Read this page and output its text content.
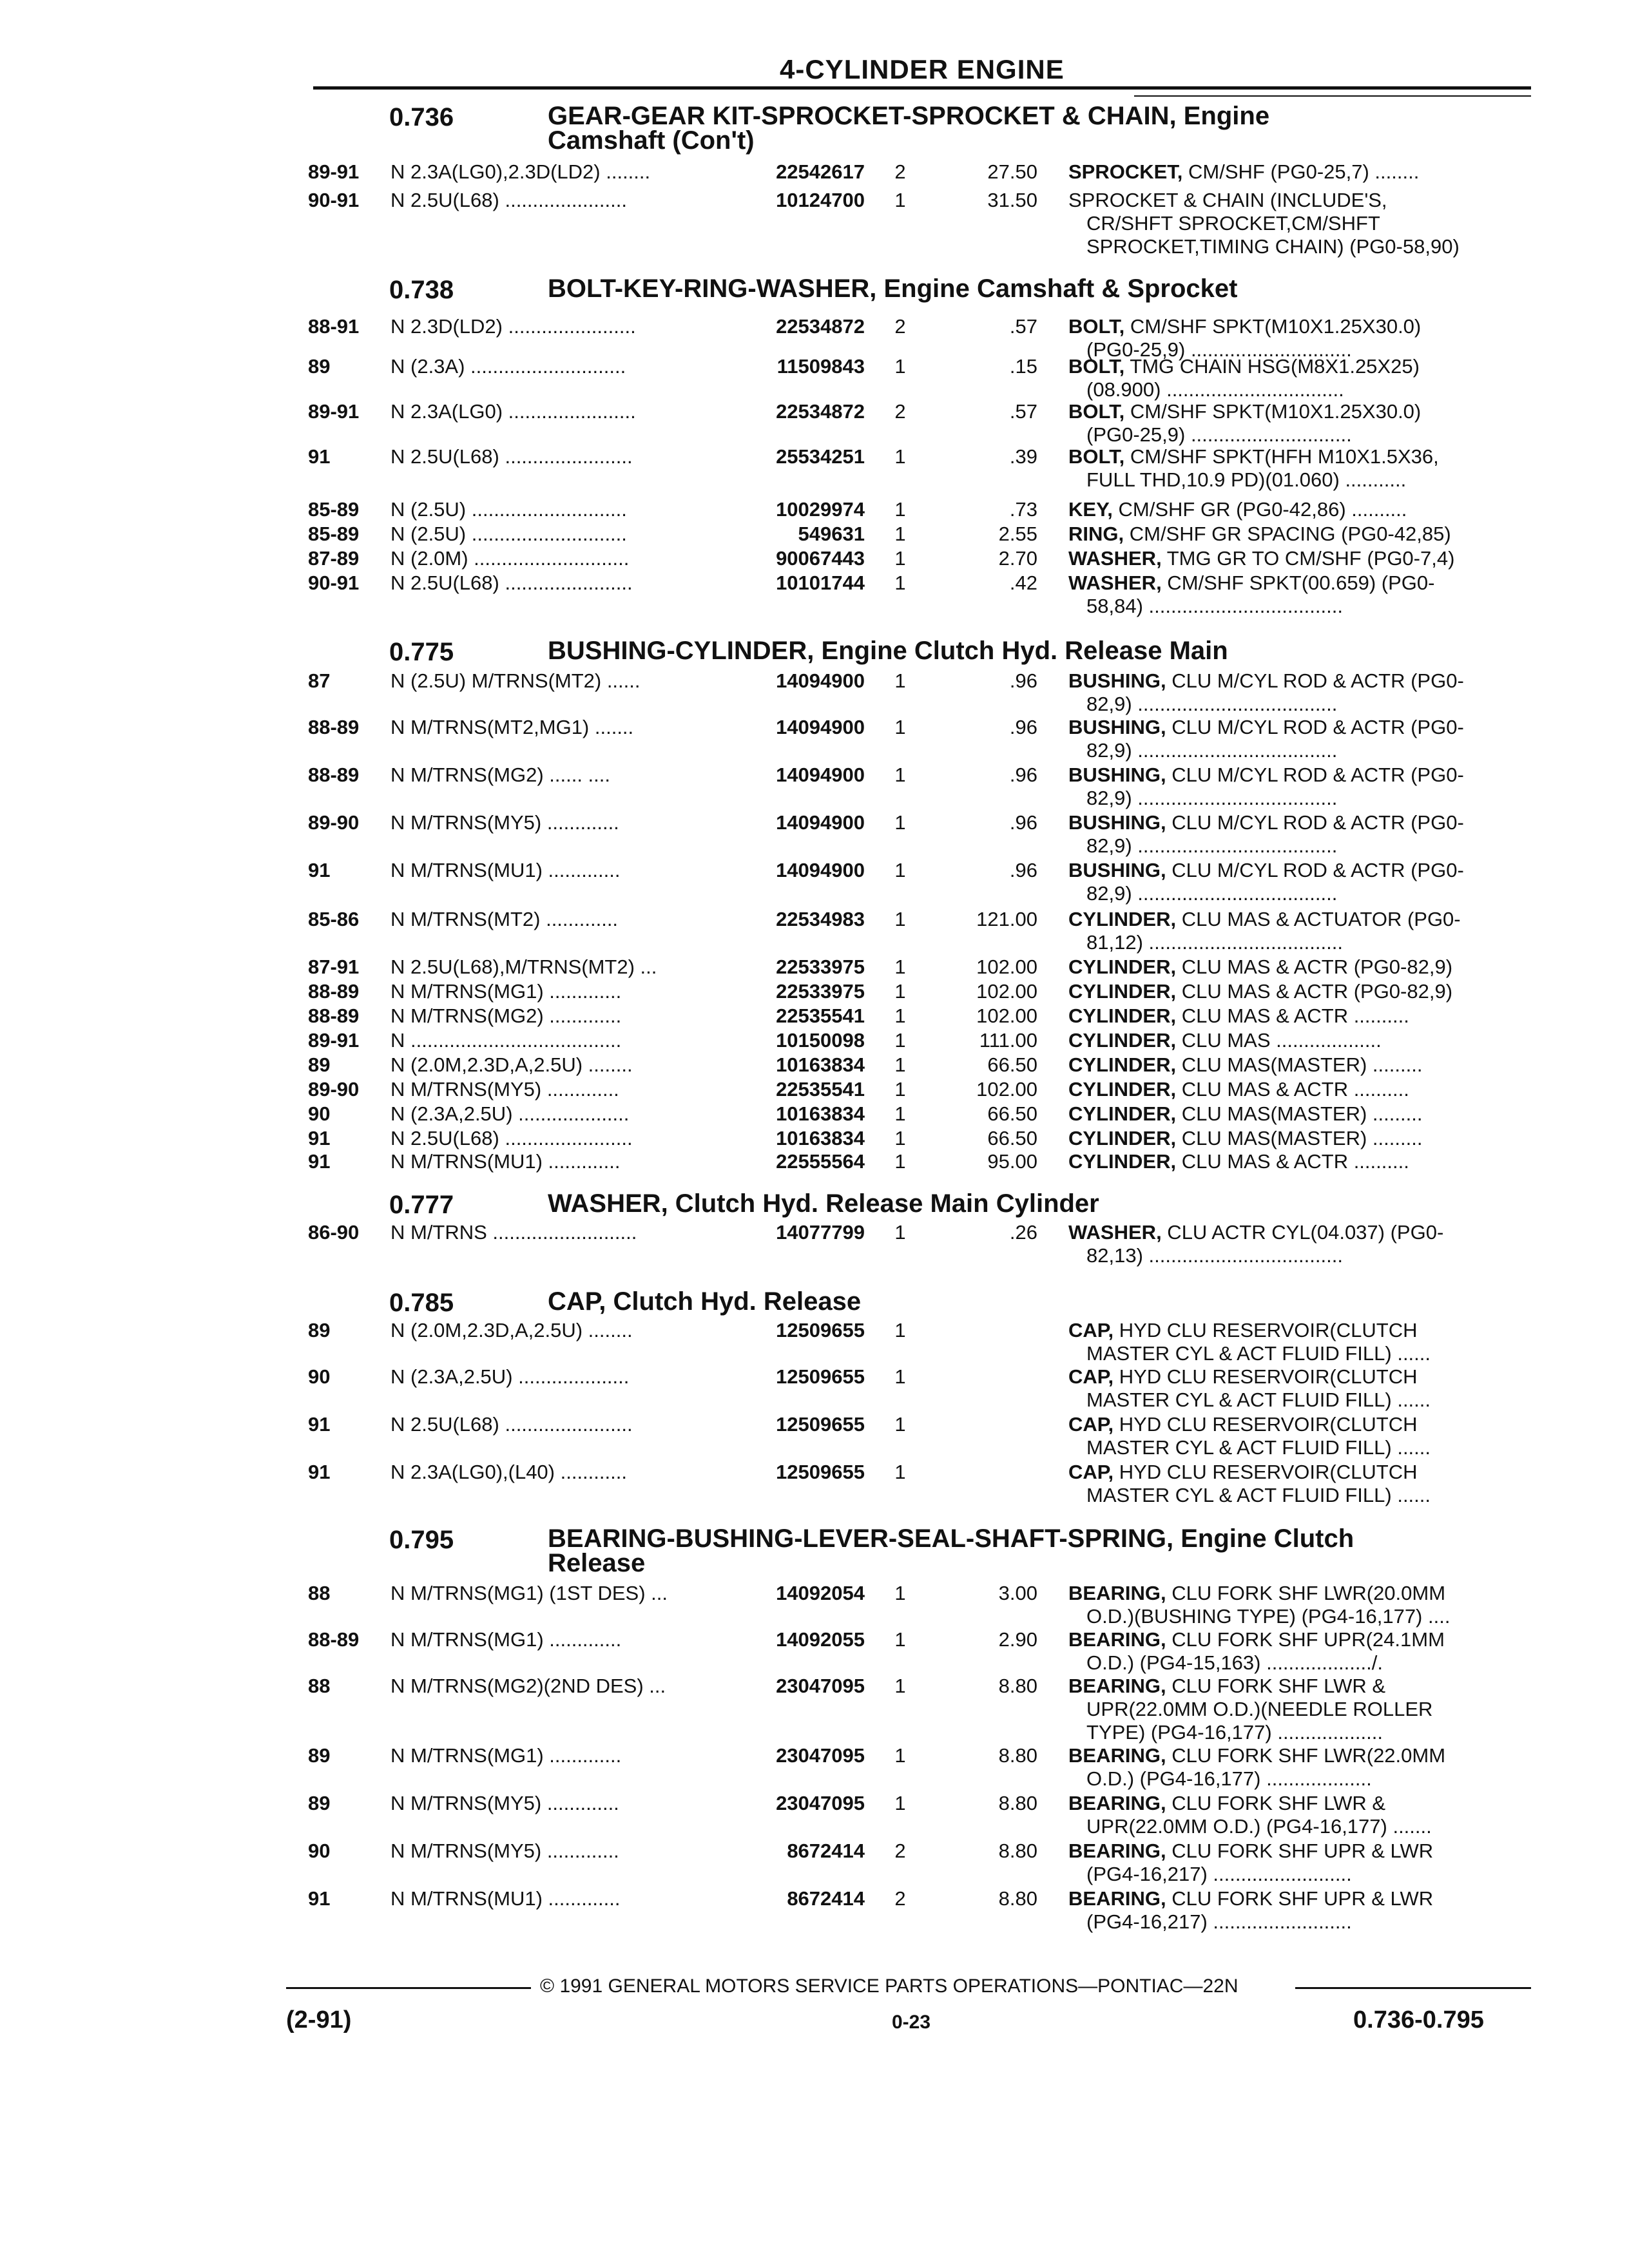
4-CYLINDER ENGINE
0.736	GEAR-GEAR KIT-SPROCKET-SPROCKET & CHAIN, Engine
Camshaft (Con't)
89-91 N 2.3A(LG0),2.3D(LD2) ........	22542617 2	27.50 SPROCKET, CM/SHF (PG0-25,7) ........
90-91 N 2.5U(L68) ......................	10124700 1	31.50 SPROCKET & CHAIN (INCLUDE'S,
CR/SHFT SPROCKET,CM/SHFT
SPROCKET,TIMING CHAIN) (PG0-58,90)
0.738	BOLT-KEY-RING-WASHER, Engine Camshaft & Sprocket
88-91 N 2.3D(LD2) .......................	22534872 2	.57 BOLT, CM/SHF SPKT(M10X1.25X30.0)
(PG0-25,9) .............................
89	N (2.3A) ............................	11509843 1	.15 BOLT, TMG CHAIN HSG(M8X1.25X25)
(08.900) ................................
89-91 N 2.3A(LG0) .......................	22534872 2	.57 BOLT, CM/SHF SPKT(M10X1.25X30.0)
(PG0-25,9) .............................
91	N 2.5U(L68) .......................	25534251 1	.39 BOLT, CM/SHF SPKT(HFH M10X1.5X36,
FULL THD,10.9 PD)(01.060) ...........
85-89 N (2.5U) ............................	10029974 1	.73 KEY, CM/SHF GR (PG0-42,86) ..........
85-89 N (2.5U) ............................	549631 1	2.55 RING, CM/SHF GR SPACING (PG0-42,85)
87-89 N (2.0M) ............................	90067443 1	2.70 WASHER, TMG GR TO CM/SHF (PG0-7,4)
90-91 N 2.5U(L68) .......................	10101744 1	.42 WASHER, CM/SHF SPKT(00.659) (PG0-
58,84) ...................................
0.775	BUSHING-CYLINDER, Engine Clutch Hyd. Release Main
87	N (2.5U) M/TRNS(MT2) ......	14094900 1	.96 BUSHING, CLU M/CYL ROD & ACTR (PG0-
82,9) ....................................
88-89 N M/TRNS(MT2,MG1) .......	14094900 1	.96 BUSHING, CLU M/CYL ROD & ACTR (PG0-
82,9) ....................................
88-89 N M/TRNS(MG2) ...... ....	14094900 1	.96 BUSHING, CLU M/CYL ROD & ACTR (PG0-
82,9) ....................................
89-90 N M/TRNS(MY5) .............	14094900 1	.96 BUSHING, CLU M/CYL ROD & ACTR (PG0-
82,9) ....................................
91	N M/TRNS(MU1) .............	14094900 1	.96 BUSHING, CLU M/CYL ROD & ACTR (PG0-
82,9) ....................................
85-86 N M/TRNS(MT2) .............	22534983 1	121.00 CYLINDER, CLU MAS & ACTUATOR (PG0-
81,12) ...................................
87-91 N 2.5U(L68),M/TRNS(MT2) ...	22533975 1	102.00 CYLINDER, CLU MAS & ACTR (PG0-82,9)
88-89 N M/TRNS(MG1) .............	22533975 1	102.00 CYLINDER, CLU MAS & ACTR (PG0-82,9)
88-89 N M/TRNS(MG2) .............	22535541 1	102.00 CYLINDER, CLU MAS & ACTR ..........
89-91 N ......................................	10150098 1	111.00 CYLINDER, CLU MAS ...................
89	N (2.0M,2.3D,A,2.5U) ........	10163834 1	66.50 CYLINDER, CLU MAS(MASTER) .........
89-90 N M/TRNS(MY5) .............	22535541 1	102.00 CYLINDER, CLU MAS & ACTR ..........
90	N (2.3A,2.5U) ....................	10163834 1	66.50 CYLINDER, CLU MAS(MASTER) .........
91	N 2.5U(L68) .......................	10163834 1	66.50 CYLINDER, CLU MAS(MASTER) .........
91	N M/TRNS(MU1) .............	22555564 1	95.00 CYLINDER, CLU MAS & ACTR ..........
0.777	WASHER, Clutch Hyd. Release Main Cylinder
86-90 N M/TRNS ..........................	14077799 1	.26 WASHER, CLU ACTR CYL(04.037) (PG0-
82,13) ...................................
0.785	CAP, Clutch Hyd. Release
89	N (2.0M,2.3D,A,2.5U) ........	12509655 1	CAP, HYD CLU RESERVOIR(CLUTCH
MASTER CYL & ACT FLUID FILL) ......
90	N (2.3A,2.5U) ....................	12509655 1	CAP, HYD CLU RESERVOIR(CLUTCH
MASTER CYL & ACT FLUID FILL) ......
91	N 2.5U(L68) .......................	12509655 1	CAP, HYD CLU RESERVOIR(CLUTCH
MASTER CYL & ACT FLUID FILL) ......
91	N 2.3A(LG0),(L40) ............	12509655 1	CAP, HYD CLU RESERVOIR(CLUTCH
MASTER CYL & ACT FLUID FILL) ......
0.795	BEARING-BUSHING-LEVER-SEAL-SHAFT-SPRING, Engine Clutch
Release
88	N M/TRNS(MG1) (1ST DES) ...	14092054 1	3.00 BEARING, CLU FORK SHF LWR(20.0MM
O.D.)(BUSHING TYPE) (PG4-16,177) ....
88-89 N M/TRNS(MG1) .............	14092055 1	2.90 BEARING, CLU FORK SHF UPR(24.1MM
O.D.) (PG4-15,163) .................../.
88	N M/TRNS(MG2)(2ND DES) ...	23047095 1	8.80 BEARING, CLU FORK SHF LWR &
UPR(22.0MM O.D.)(NEEDLE ROLLER
TYPE) (PG4-16,177) ...................
89	N M/TRNS(MG1) .............	23047095 1	8.80 BEARING, CLU FORK SHF LWR(22.0MM
O.D.) (PG4-16,177) ...................
89	N M/TRNS(MY5) .............	23047095 1	8.80 BEARING, CLU FORK SHF LWR &
UPR(22.0MM O.D.) (PG4-16,177) .......
90	N M/TRNS(MY5) .............	8672414 2	8.80 BEARING, CLU FORK SHF UPR & LWR
(PG4-16,217) .........................
91	N M/TRNS(MU1) .............	8672414 2	8.80 BEARING, CLU FORK SHF UPR & LWR
(PG4-16,217) .........................
© 1991 GENERAL MOTORS SERVICE PARTS OPERATIONS—PONTIAC—22N
(2-91)	0-23	0.736-0.795
